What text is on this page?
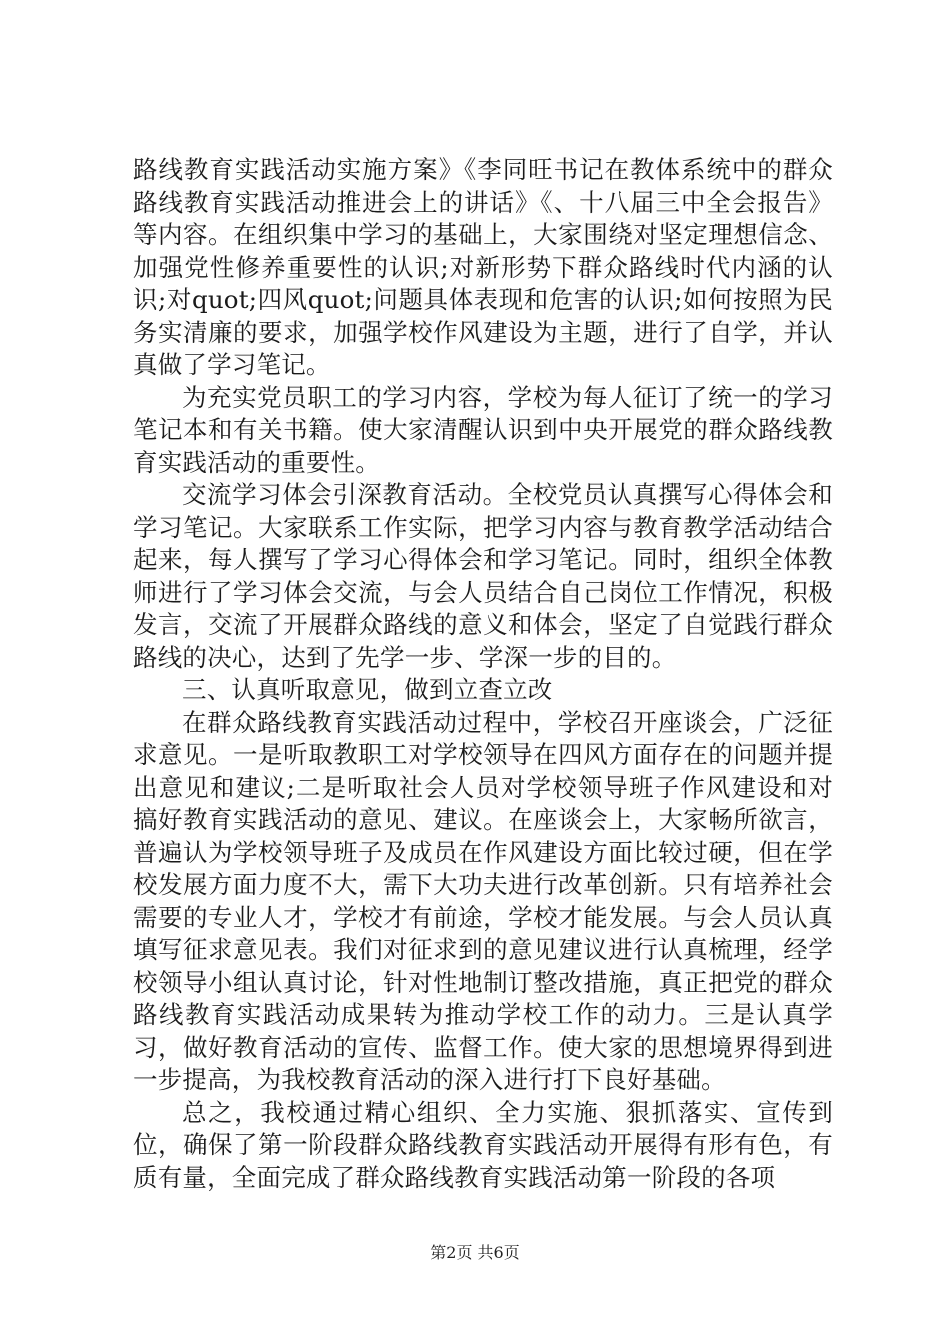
路线教育实践活动实施方案》《李同旺书记在教体系统中的群众路线教育实践活动推进会上的讲话》《、十八届三中全会报告》等内容。在组织集中学习的基础上，大家围绕对坚定理想信念、加强党性修养重要性的认识;对新形势下群众路线时代内涵的认识;对quot;四风quot;问题具体表现和危害的认识;如何按照为民务实清廉的要求，加强学校作风建设为主题，进行了自学，并认真做了学习笔记。

为充实党员职工的学习内容，学校为每人征订了统一的学习笔记本和有关书籍。使大家清醒认识到中央开展党的群众路线教育实践活动的重要性。

交流学习体会引深教育活动。全校党员认真撰写心得体会和学习笔记。大家联系工作实际，把学习内容与教育教学活动结合起来，每人撰写了学习心得体会和学习笔记。同时，组织全体教师进行了学习体会交流，与会人员结合自己岗位工作情况，积极发言，交流了开展群众路线的意义和体会，坚定了自觉践行群众路线的决心，达到了先学一步、学深一步的目的。

三、认真听取意见，做到立查立改

在群众路线教育实践活动过程中，学校召开座谈会，广泛征求意见。一是听取教职工对学校领导在四风方面存在的问题并提出意见和建议;二是听取社会人员对学校领导班子作风建设和对搞好教育实践活动的意见、建议。在座谈会上，大家畅所欲言，普遍认为学校领导班子及成员在作风建设方面比较过硬，但在学校发展方面力度不大，需下大功夫进行改革创新。只有培养社会需要的专业人才，学校才有前途，学校才能发展。与会人员认真填写征求意见表。我们对征求到的意见建议进行认真梳理，经学校领导小组认真讨论，针对性地制订整改措施，真正把党的群众路线教育实践活动成果转为推动学校工作的动力。三是认真学习，做好教育活动的宣传、监督工作。使大家的思想境界得到进一步提高，为我校教育活动的深入进行打下良好基础。

总之，我校通过精心组织、全力实施、狠抓落实、宣传到位，确保了第一阶段群众路线教育实践活动开展得有形有色，有质有量，全面完成了群众路线教育实践活动第一阶段的各项

第2页 共6页
